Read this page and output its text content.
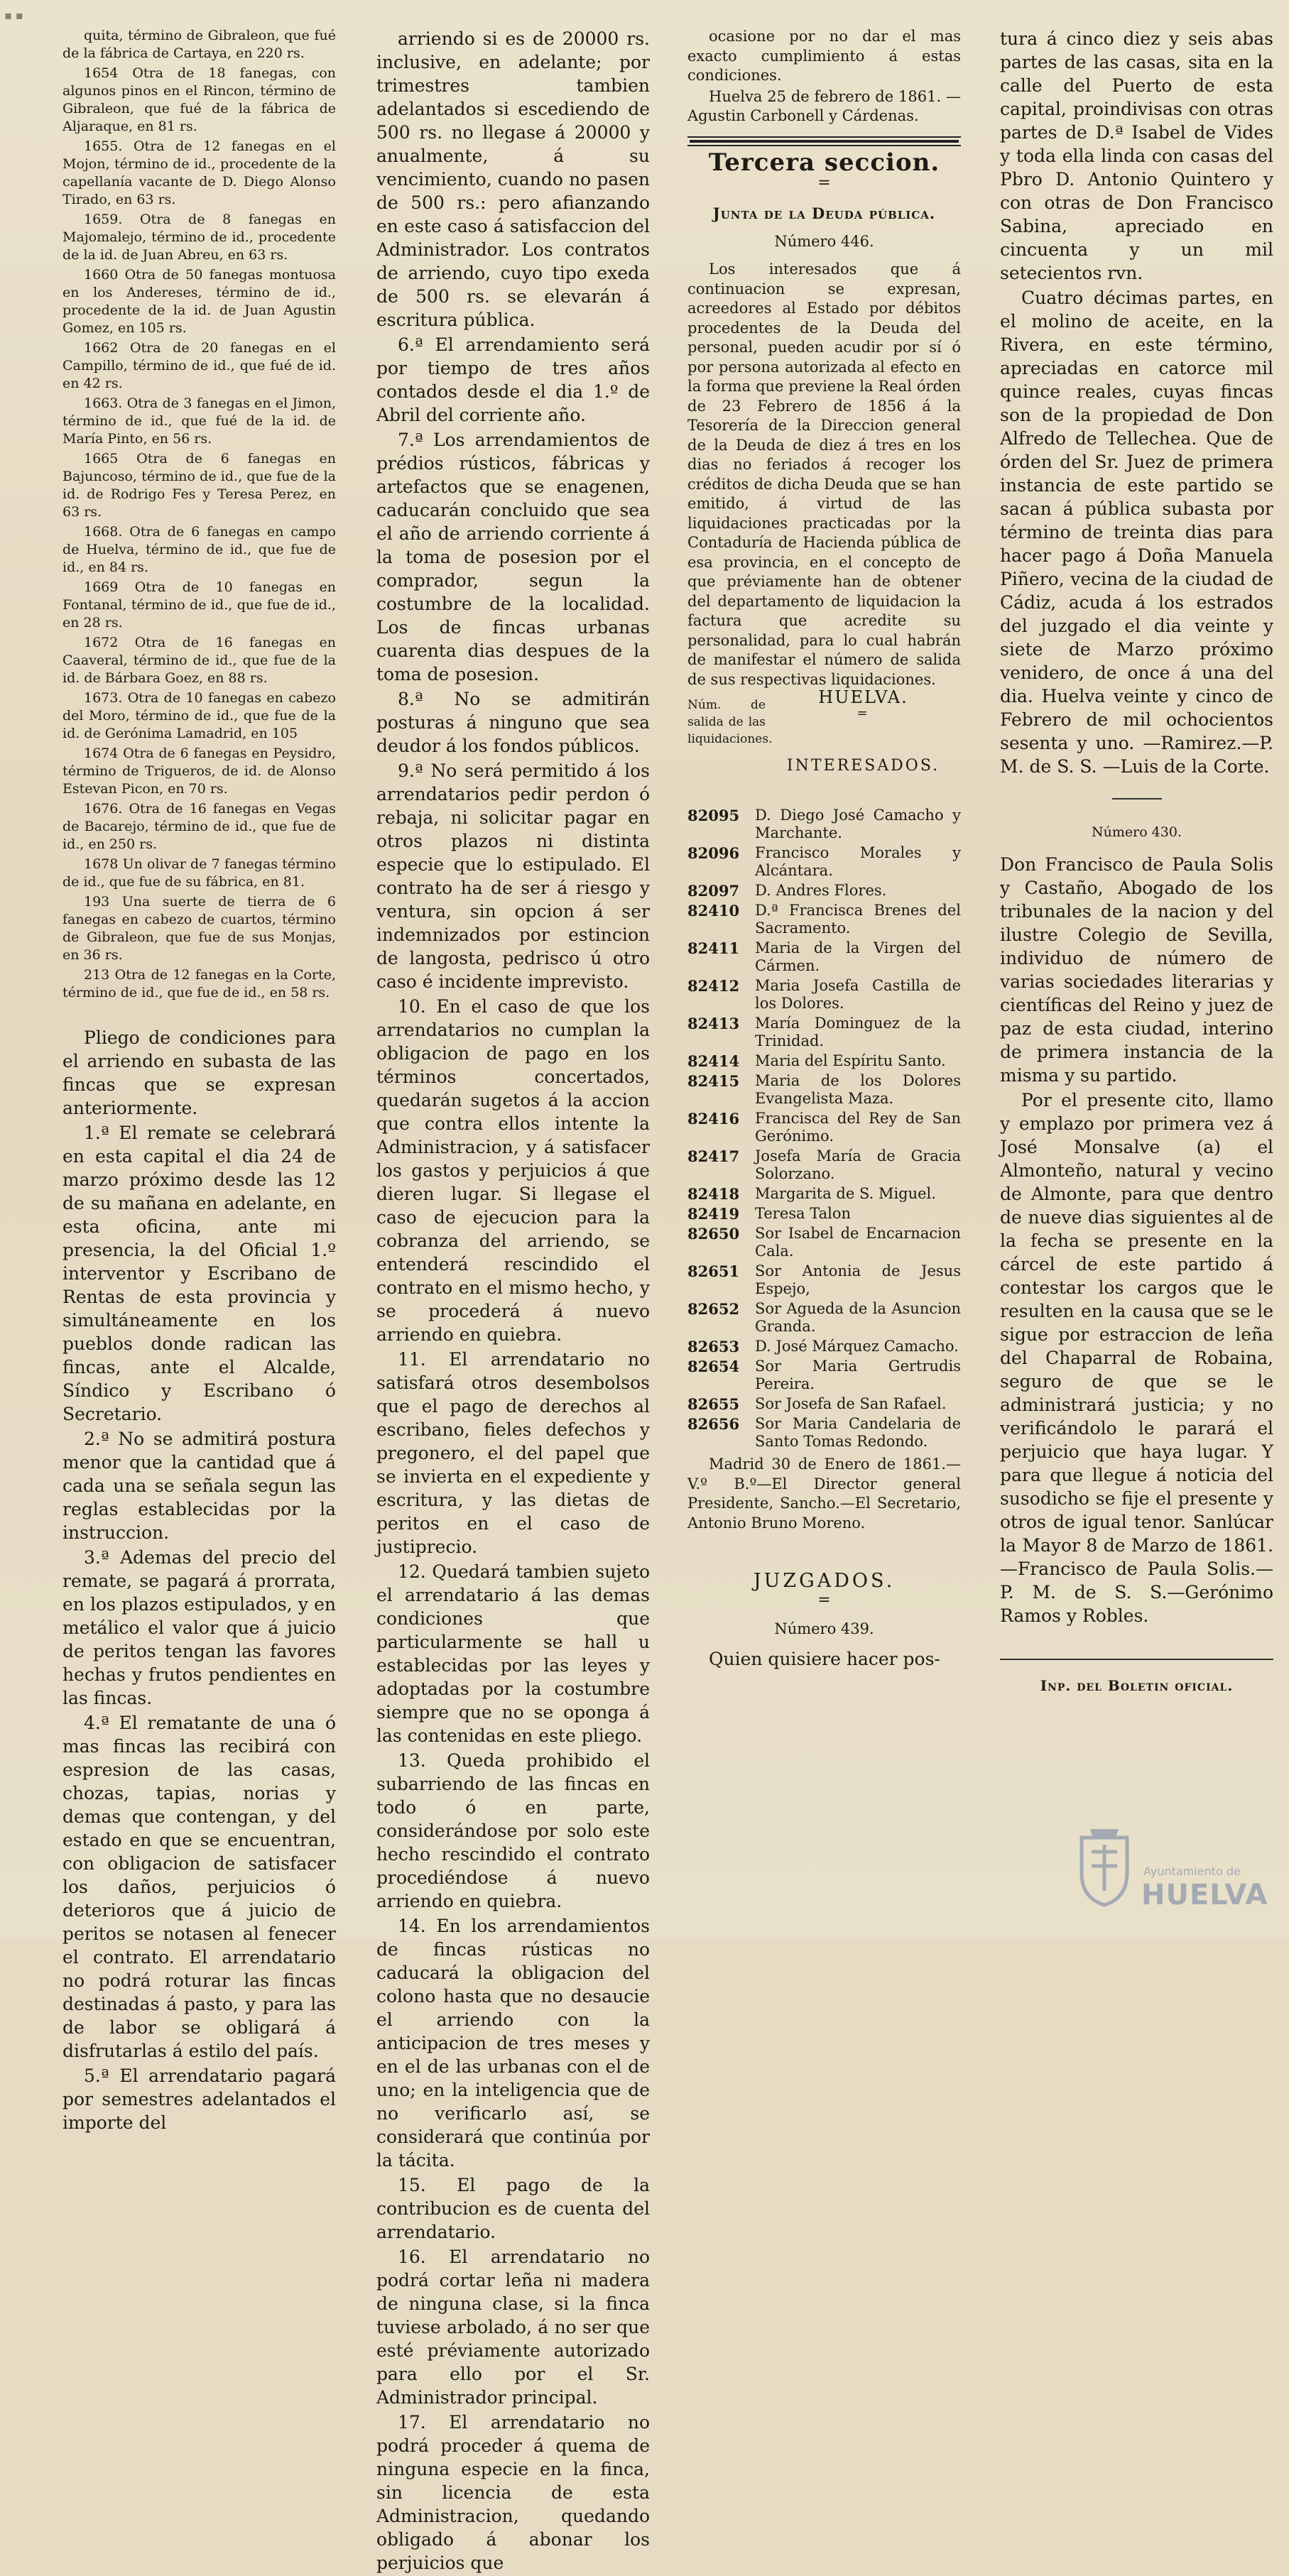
▪ ▪

quita, término de Gibraleon, que fué de la fábrica de Cartaya, en 220 rs.

1654 Otra de 18 fanegas, con algunos pinos en el Rincon, término de Gibraleon, que fué de la fábrica de Aljaraque, en 81 rs.

1655. Otra de 12 fanegas en el Mojon, término de id., procedente de la capellanía vacante de D. Diego Alonso Tirado, en 63 rs.

1659. Otra de 8 fanegas en Majomalejo, término de id., procedente de la id. de Juan Abreu, en 63 rs.

1660 Otra de 50 fanegas montuosa en los Andereses, término de id., procedente de la id. de Juan Agustin Gomez, en 105 rs.

1662 Otra de 20 fanegas en el Campillo, término de id., que fué de id. en 42 rs.

1663. Otra de 3 fanegas en el Jimon, término de id., que fué de la id. de María Pinto, en 56 rs.

1665 Otra de 6 fanegas en Bajuncoso, término de id., que fue de la id. de Rodrigo Fes y Teresa Perez, en 63 rs.

1668. Otra de 6 fanegas en campo de Huelva, término de id., que fue de id., en 84 rs.

1669 Otra de 10 fanegas en Fontanal, término de id., que fue de id., en 28 rs.

1672 Otra de 16 fanegas en Caaveral, término de id., que fue de la id. de Bárbara Goez, en 88 rs.

1673. Otra de 10 fanegas en cabezo del Moro, término de id., que fue de la id. de Gerónima Lamadrid, en 105

1674 Otra de 6 fanegas en Peysidro, término de Trigueros, de id. de Alonso Estevan Picon, en 70 rs.

1676. Otra de 16 fanegas en Vegas de Bacarejo, término de id., que fue de id., en 250 rs.

1678 Un olivar de 7 fanegas término de id., que fue de su fábrica, en 81.

193 Una suerte de tierra de 6 fanegas en cabezo de cuartos, término de Gibraleon, que fue de sus Monjas, en 36 rs.

213 Otra de 12 fanegas en la Corte, término de id., que fue de id., en 58 rs.

Pliego de condiciones para el arriendo en subasta de las fincas que se expresan anteriormente.

1.ª El remate se celebrará en esta capital el dia 24 de marzo próximo desde las 12 de su mañana en adelante, en esta oficina, ante mi presencia, la del Oficial 1.º interventor y Escribano de Rentas de esta provincia y simultáneamente en los pueblos donde radican las fincas, ante el Alcalde, Síndico y Escribano ó Secretario.

2.ª No se admitirá postura menor que la cantidad que á cada una se señala segun las reglas establecidas por la instruccion.

3.ª Ademas del precio del remate, se pagará á prorrata, en los plazos estipulados, y en metálico el valor que á juicio de peritos tengan las favores hechas y frutos pendientes en las fincas.

4.ª El rematante de una ó mas fincas las recibirá con espresion de las casas, chozas, tapias, norias y demas que contengan, y del estado en que se encuentran, con obligacion de satisfacer los daños, perjuicios ó deterioros que á juicio de peritos se notasen al fenecer el contrato. El arrendatario no podrá roturar las fincas destinadas á pasto, y para las de labor se obligará á disfrutarlas á estilo del país.

5.ª El arrendatario pagará por semestres adelantados el importe del

arriendo si es de 20000 rs. inclusive, en adelante; por trimestres tambien adelantados si escediendo de 500 rs. no llegase á 20000 y anualmente, á su vencimiento, cuando no pasen de 500 rs.: pero afianzando en este caso á satisfaccion del Administrador. Los contratos de arriendo, cuyo tipo exeda de 500 rs. se elevarán á escritura pública.

6.ª El arrendamiento será por tiempo de tres años contados desde el dia 1.º de Abril del corriente año.

7.ª Los arrendamientos de prédios rústicos, fábricas y artefactos que se enagenen, caducarán concluido que sea el año de arriendo corriente á la toma de posesion por el comprador, segun la costumbre de la localidad. Los de fincas urbanas cuarenta dias despues de la toma de posesion.

8.ª No se admitirán posturas á ninguno que sea deudor á los fondos públicos.

9.ª No será permitido á los arrendatarios pedir perdon ó rebaja, ni solicitar pagar en otros plazos ni distinta especie que lo estipulado. El contrato ha de ser á riesgo y ventura, sin opcion á ser indemnizados por estincion de langosta, pedrisco ú otro caso é incidente imprevisto.

10. En el caso de que los arrendatarios no cumplan la obligacion de pago en los términos concertados, quedarán sugetos á la accion que contra ellos intente la Administracion, y á satisfacer los gastos y perjuicios á que dieren lugar. Si llegase el caso de ejecucion para la cobranza del arriendo, se entenderá rescindido el contrato en el mismo hecho, y se procederá á nuevo arriendo en quiebra.

11. El arrendatario no satisfará otros desembolsos que el pago de derechos al escribano, fieles defechos y pregonero, el del papel que se invierta en el expediente y escritura, y las dietas de peritos en el caso de justiprecio.

12. Quedará tambien sujeto el arrendatario á las demas condiciones que particularmente se hall u establecidas por las leyes y adoptadas por la costumbre siempre que no se oponga á las contenidas en este pliego.

13. Queda prohibido el subarriendo de las fincas en todo ó en parte, considerándose por solo este hecho rescindido el contrato procediéndose á nuevo arriendo en quiebra.

14. En los arrendamientos de fincas rústicas no caducará la obligacion del colono hasta que no desaucie el arriendo con la anticipacion de tres meses y en el de las urbanas con el de uno; en la inteligencia que de no verificarlo así, se considerará que continúa por la tácita.

15. El pago de la contribucion es de cuenta del arrendatario.

16. El arrendatario no podrá cortar leña ni madera de ninguna clase, si la finca tuviese arbolado, á no ser que esté préviamente autorizado para ello por el Sr. Administrador principal.

17. El arrendatario no podrá proceder á quema de ninguna especie en la finca, sin licencia de esta Administracion, quedando obligado á abonar los perjuicios que

ocasione por no dar el mas exacto cumplimiento á estas condiciones.

Huelva 25 de febrero de 1861. —Agustin Carbonell y Cárdenas.

Tercera seccion.
=
Junta de la Deuda pública.
Número 446.

Los interesados que á continuacion se expresan, acreedores al Estado por débitos procedentes de la Deuda del personal, pueden acudir por sí ó por persona autorizada al efecto en la forma que previene la Real órden de 23 Febrero de 1856 á la Tesorería de la Direccion general de la Deuda de diez á tres en los dias no feriados á recoger los créditos de dicha Deuda que se han emitido, á virtud de las liquidaciones practicadas por la Contaduría de Hacienda pública de esa provincia, en el concepto de que préviamente han de obtener del departamento de liquidacion la factura que acredite su personalidad, para lo cual habrán de manifestar el número de salida de sus respectivas liquidaciones.

Núm. de salida de las liquidaciones.
HUELVA.
=
INTERESADOS.
82095	D. Diego José Camacho y Marchante.
82096	Francisco Morales y Alcántara.
82097	D. Andres Flores.
82410	D.ª Francisca Brenes del Sacramento.
82411	Maria de la Virgen del Cármen.
82412	Maria Josefa Castilla de los Dolores.
82413	María Dominguez de la Trinidad.
82414	Maria del Espíritu Santo.
82415	Maria de los Dolores Evangelista Maza.
82416	Francisca del Rey de San Gerónimo.
82417	Josefa María de Gracia Solorzano.
82418	Margarita de S. Miguel.
82419	Teresa Talon
82650	Sor Isabel de Encarnacion Cala.
82651	Sor Antonia de Jesus Espejo,
82652	Sor Agueda de la Asuncion Granda.
82653	D. José Márquez Camacho.
82654	Sor Maria Gertrudis Pereira.
82655	Sor Josefa de San Rafael.
82656	Sor Maria Candelaria de Santo Tomas Redondo.

Madrid 30 de Enero de 1861.— V.º B.º—El Director general Presidente, Sancho.—El Secretario, Antonio Bruno Moreno.

JUZGADOS.
=
Número 439.

Quien quisiere hacer pos-

tura á cinco diez y seis abas partes de las casas, sita en la calle del Puerto de esta capital, proindivisas con otras partes de D.ª Isabel de Vides y toda ella linda con casas del Pbro D. Antonio Quintero y con otras de Don Francisco Sabina, apreciado en cincuenta y un mil setecientos rvn.

Cuatro décimas partes, en el molino de aceite, en la Rivera, en este término, apreciadas en catorce mil quince reales, cuyas fincas son de la propiedad de Don Alfredo de Tellechea. Que de órden del Sr. Juez de primera instancia de este partido se sacan á pública subasta por término de treinta dias para hacer pago á Doña Manuela Piñero, vecina de la ciudad de Cádiz, acuda á los estrados del juzgado el dia veinte y siete de Marzo próximo venidero, de once á una del dia. Huelva veinte y cinco de Febrero de mil ochocientos sesenta y uno. —Ramirez.—P. M. de S. S. —Luis de la Corte.

Número 430.

Don Francisco de Paula Solis y Castaño, Abogado de los tribunales de la nacion y del ilustre Colegio de Sevilla, individuo de número de varias sociedades literarias y científicas del Reino y juez de paz de esta ciudad, interino de primera instancia de la misma y su partido.

Por el presente cito, llamo y emplazo por primera vez á José Monsalve (a) el Almonteño, natural y vecino de Almonte, para que dentro de nueve dias siguientes al de la fecha se presente en la cárcel de este partido á contestar los cargos que le resulten en la causa que se le sigue por estraccion de leña del Chaparral de Robaina, seguro de que se le administrará justicia; y no verificándolo le parará el perjuicio que haya lugar. Y para que llegue á noticia del susodicho se fije el presente y otros de igual tenor. Sanlúcar la Mayor 8 de Marzo de 1861.—Francisco de Paula Solis.—P. M. de S. S.—Gerónimo Ramos y Robles.

Inp. del Boletin oficial.
Ayuntamiento de
HUELVA
